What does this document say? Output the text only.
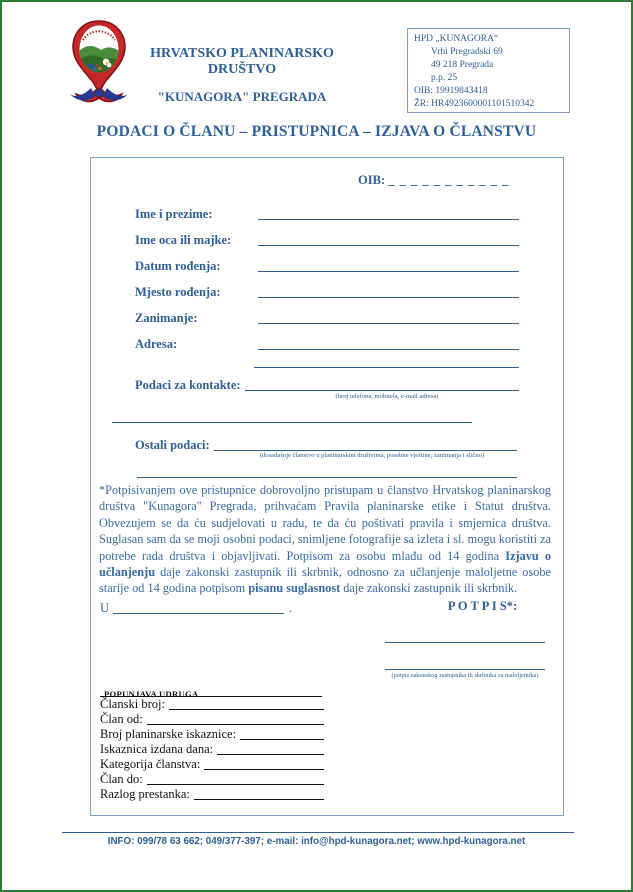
HRVATSKO PLANINARSKO DRUŠTVO
"KUNAGORA" PREGRADA
HPD „KUNAGORA“
Vrhi Pregradski 69
49 218 Pregrada
p.p. 25
OIB: 19919843418
ŽR: HR4923600001101510342
PODACI O ČLANU – PRISTUPNICA – IZJAVA O ČLANSTVU
OIB: _ _ _ _ _ _ _ _ _ _ _
Ime i prezime:
Ime oca ili majke:
Datum rođenja:
Mjesto rođenja:
Zanimanje:
Adresa:
Podaci za kontakte:
(broj telefona, mobitela, e-mail adresa)
Ostali podaci:
(dosadašnje članstvo u planinarskim društvima, posebne vještine, zanimanja i slično)
*Potpisivanjem ove pristupnice dobrovoljno pristupam u članstvo Hrvatskog planinarskog društva "Kunagora" Pregrada, prihvaćam Pravila planinarske etike i Statut društva. Obvezujem se da ću sudjelovati u radu, te da ću poštivati pravila i smjernica društva. Suglasan sam da se moji osobni podaci, snimljene fotografije sa izleta i sl. mogu koristiti za potrebe rada društva i objavljivati. Potpisom za osobu mlađu od 14 godina Izjavu o učlanjenju daje zakonski zastupnik ili skrbnik, odnosno za učlanjenje maloljetne osobe starije od 14 godina potpisom pisanu suglasnost daje zakonski zastupnik ili skrbnik.
U	.	P O T P I S*:
(potpis zakonskog zastupnika ili skrbnika za maloljetnika)
POPUNJAVA UDRUGA
Članski broj:
Član od:
Broj planinarske iskaznice:
Iskaznica izdana dana:
Kategorija članstva:
Član do:
Razlog prestanka:
INFO: 099/78 63 662; 049/377-397; e-mail: info@hpd-kunagora.net; www.hpd-kunagora.net
